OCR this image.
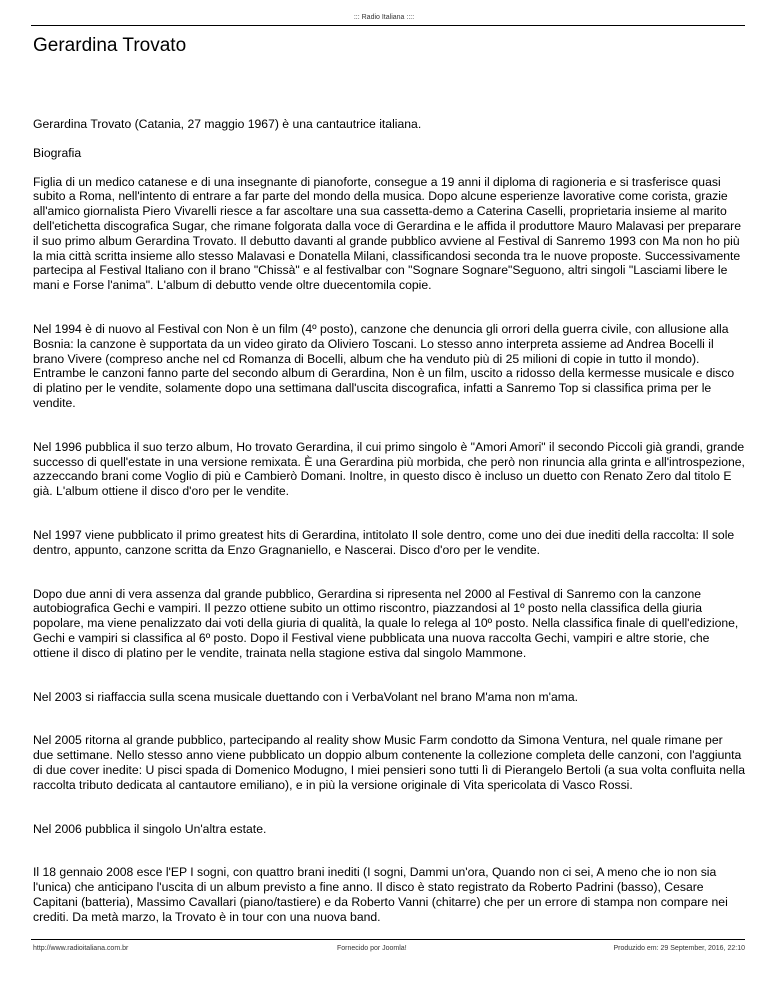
::: Radio Italiana ::::
Gerardina Trovato

Gerardina Trovato (Catania, 27 maggio 1967) è una cantautrice italiana.

Biografia

Figlia di un medico catanese e di una insegnante di pianoforte, consegue a 19 anni il diploma di ragioneria e si trasferisce quasi subito a Roma, nell'intento di entrare a far parte del mondo della musica. Dopo alcune esperienze lavorative come corista, grazie all'amico giornalista Piero Vivarelli riesce a far ascoltare una sua cassetta-demo a Caterina Caselli, proprietaria insieme al marito dell'etichetta discografica Sugar, che rimane folgorata dalla voce di Gerardina e le affida il produttore Mauro Malavasi per preparare il suo primo album Gerardina Trovato. Il debutto davanti al grande pubblico avviene al Festival di Sanremo 1993 con Ma non ho più la mia città scritta insieme allo stesso Malavasi e Donatella Milani, classificandosi seconda tra le nuove proposte. Successivamente partecipa al Festival Italiano con il brano "Chissà" e al festivalbar con "Sognare Sognare"Seguono, altri singoli "Lasciami libere le mani e Forse l'anima". L'album di debutto vende oltre duecentomila copie.

Nel 1994 è di nuovo al Festival con Non è un film (4º posto), canzone che denuncia gli orrori della guerra civile, con allusione alla Bosnia: la canzone è supportata da un video girato da Oliviero Toscani. Lo stesso anno interpreta assieme ad Andrea Bocelli il brano Vivere (compreso anche nel cd Romanza di Bocelli, album che ha venduto più di 25 milioni di copie in tutto il mondo). Entrambe le canzoni fanno parte del secondo album di Gerardina, Non è un film, uscito a ridosso della kermesse musicale e disco di platino per le vendite, solamente dopo una settimana dall'uscita discografica, infatti a Sanremo Top si classifica prima per le vendite.

Nel 1996 pubblica il suo terzo album, Ho trovato Gerardina, il cui primo singolo è "Amori Amori" il secondo Piccoli già grandi, grande successo di quell'estate in una versione remixata. È una Gerardina più morbida, che però non rinuncia alla grinta e all'introspezione, azzeccando brani come Voglio di più e Cambierò Domani. Inoltre, in questo disco è incluso un duetto con Renato Zero dal titolo E già. L'album ottiene il disco d'oro per le vendite.

Nel 1997 viene pubblicato il primo greatest hits di Gerardina, intitolato Il sole dentro, come uno dei due inediti della raccolta: Il sole dentro, appunto, canzone scritta da Enzo Gragnaniello, e Nascerai. Disco d'oro per le vendite.

Dopo due anni di vera assenza dal grande pubblico, Gerardina si ripresenta nel 2000 al Festival di Sanremo con la canzone autobiografica Gechi e vampiri. Il pezzo ottiene subito un ottimo riscontro, piazzandosi al 1º posto nella classifica della giuria popolare, ma viene penalizzato dai voti della giuria di qualità, la quale lo relega al 10º posto. Nella classifica finale di quell'edizione, Gechi e vampiri si classifica al 6º posto. Dopo il Festival viene pubblicata una nuova raccolta Gechi, vampiri e altre storie, che ottiene il disco di platino per le vendite, trainata nella stagione estiva dal singolo Mammone.

Nel 2003 si riaffaccia sulla scena musicale duettando con i VerbaVolant nel brano M'ama non m'ama.

Nel 2005 ritorna al grande pubblico, partecipando al reality show Music Farm condotto da Simona Ventura, nel quale rimane per due settimane. Nello stesso anno viene pubblicato un doppio album contenente la collezione completa delle canzoni, con l'aggiunta di due cover inedite: U pisci spada di Domenico Modugno, I miei pensieri sono tutti lì di Pierangelo Bertoli (a sua volta confluita nella raccolta tributo dedicata al cantautore emiliano), e in più la versione originale di Vita spericolata di Vasco Rossi.

Nel 2006 pubblica il singolo Un'altra estate.

Il 18 gennaio 2008 esce l'EP I sogni, con quattro brani inediti (I sogni, Dammi un'ora, Quando non ci sei, A meno che io non sia l'unica) che anticipano l'uscita di un album previsto a fine anno. Il disco è stato registrato da Roberto Padrini (basso), Cesare Capitani (batteria), Massimo Cavallari (piano/tastiere) e da Roberto Vanni (chitarre) che per un errore di stampa non compare nei crediti. Da metà marzo, la Trovato è in tour con una nuova band.

http://www.radioitaliana.com.br	Fornecido por Joomla!	Produzido em: 29 September, 2016, 22:10
